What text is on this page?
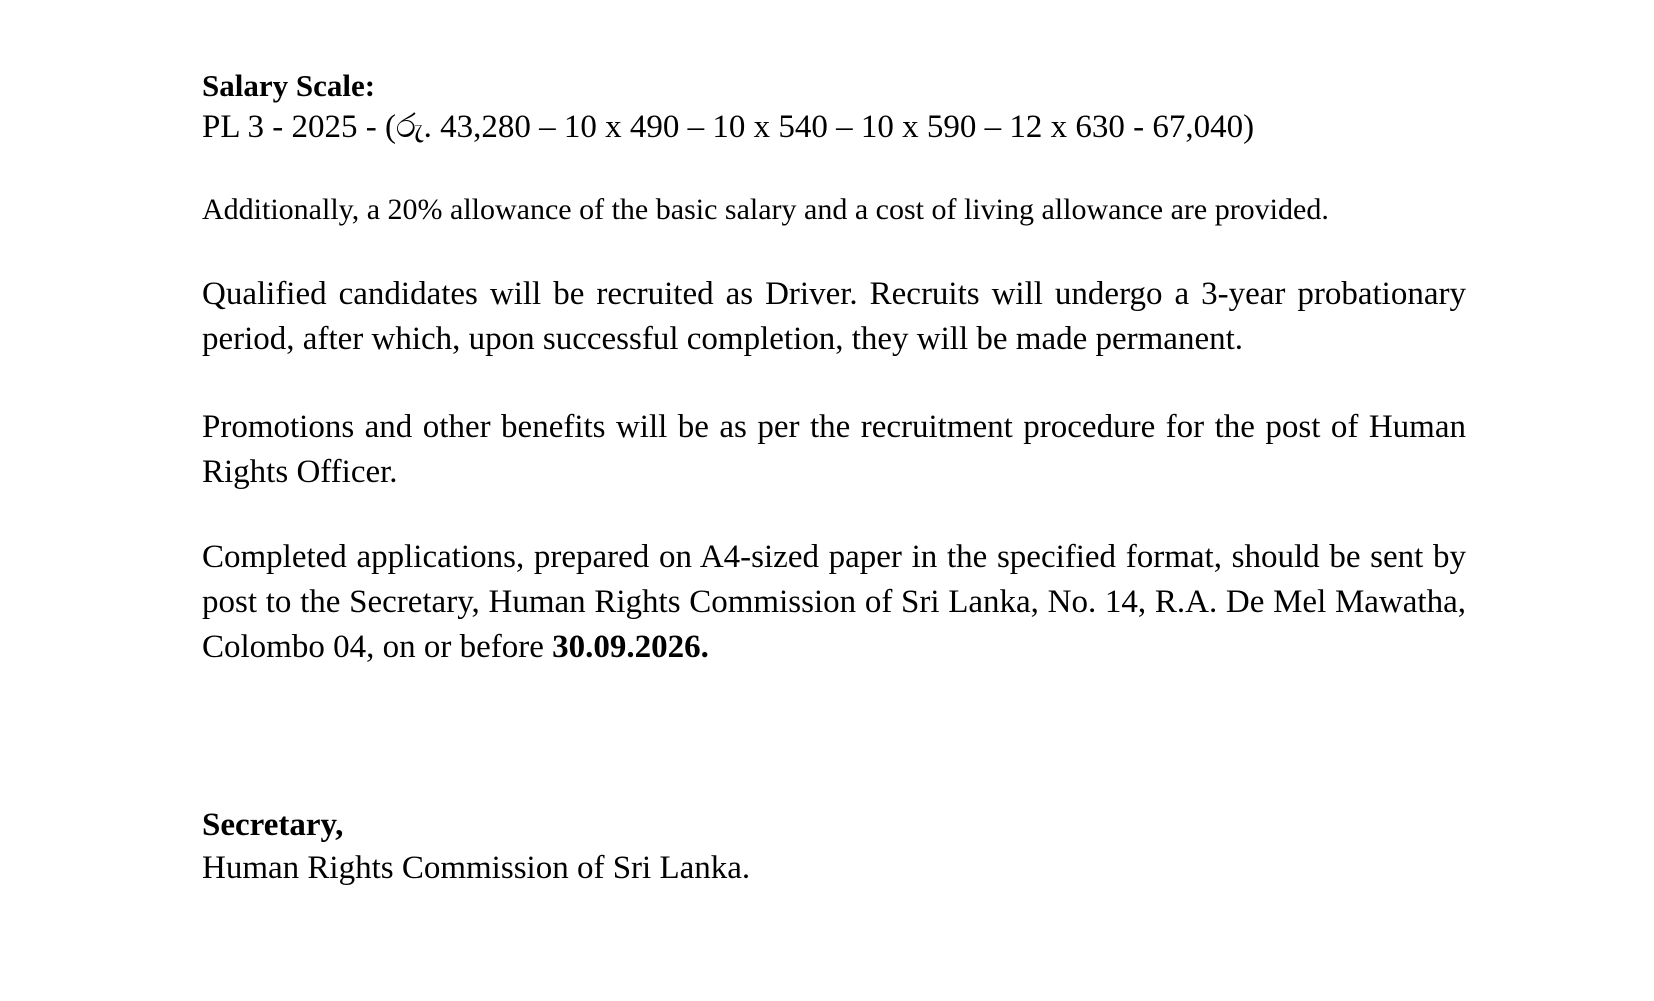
Salary Scale:

PL 3 - 2025 - (රු. 43,280 – 10 x 490 – 10 x 540 – 10 x 590 – 12 x 630 - 67,040)

Additionally, a 20% allowance of the basic salary and a cost of living allowance are provided.

Qualified candidates will be recruited as Driver. Recruits will undergo a 3-year probationary period, after which, upon successful completion, they will be made permanent.

Promotions and other benefits will be as per the recruitment procedure for the post of Human Rights Officer.

Completed applications, prepared on A4-sized paper in the specified format, should be sent by post to the Secretary, Human Rights Commission of Sri Lanka, No. 14, R.A. De Mel Mawatha, Colombo 04, on or before 30.09.2026.

Secretary,

Human Rights Commission of Sri Lanka.
